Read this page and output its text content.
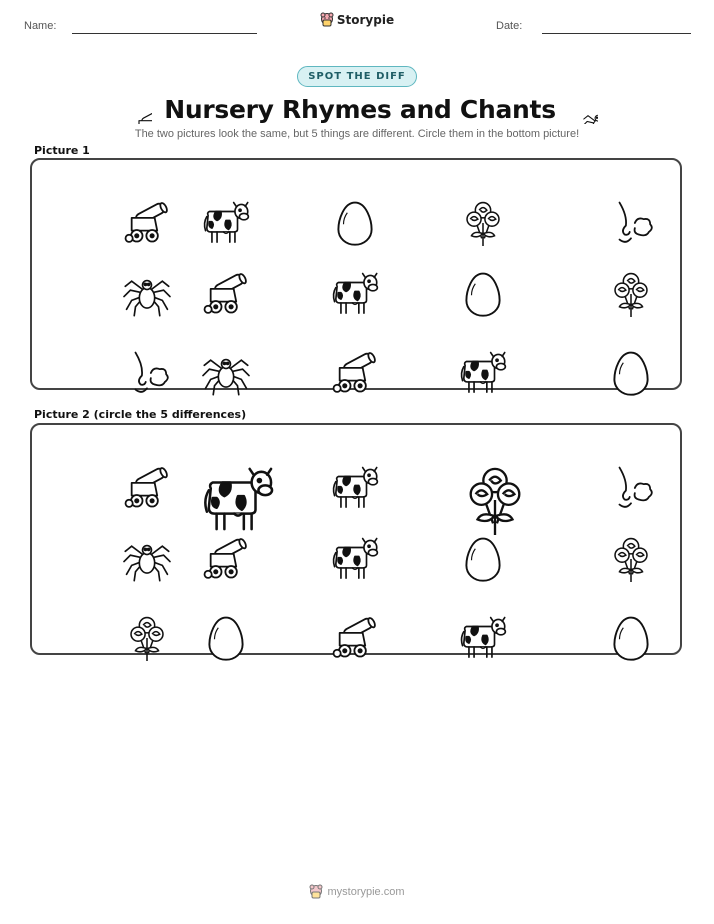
Name:	Storypie	Date:
SPOT THE DIFF
Nursery Rhymes and Chants
The two pictures look the same, but 5 things are different. Circle them in the bottom picture!
Picture 1
Picture 2 (circle the 5 differences)
mystorypie.com
